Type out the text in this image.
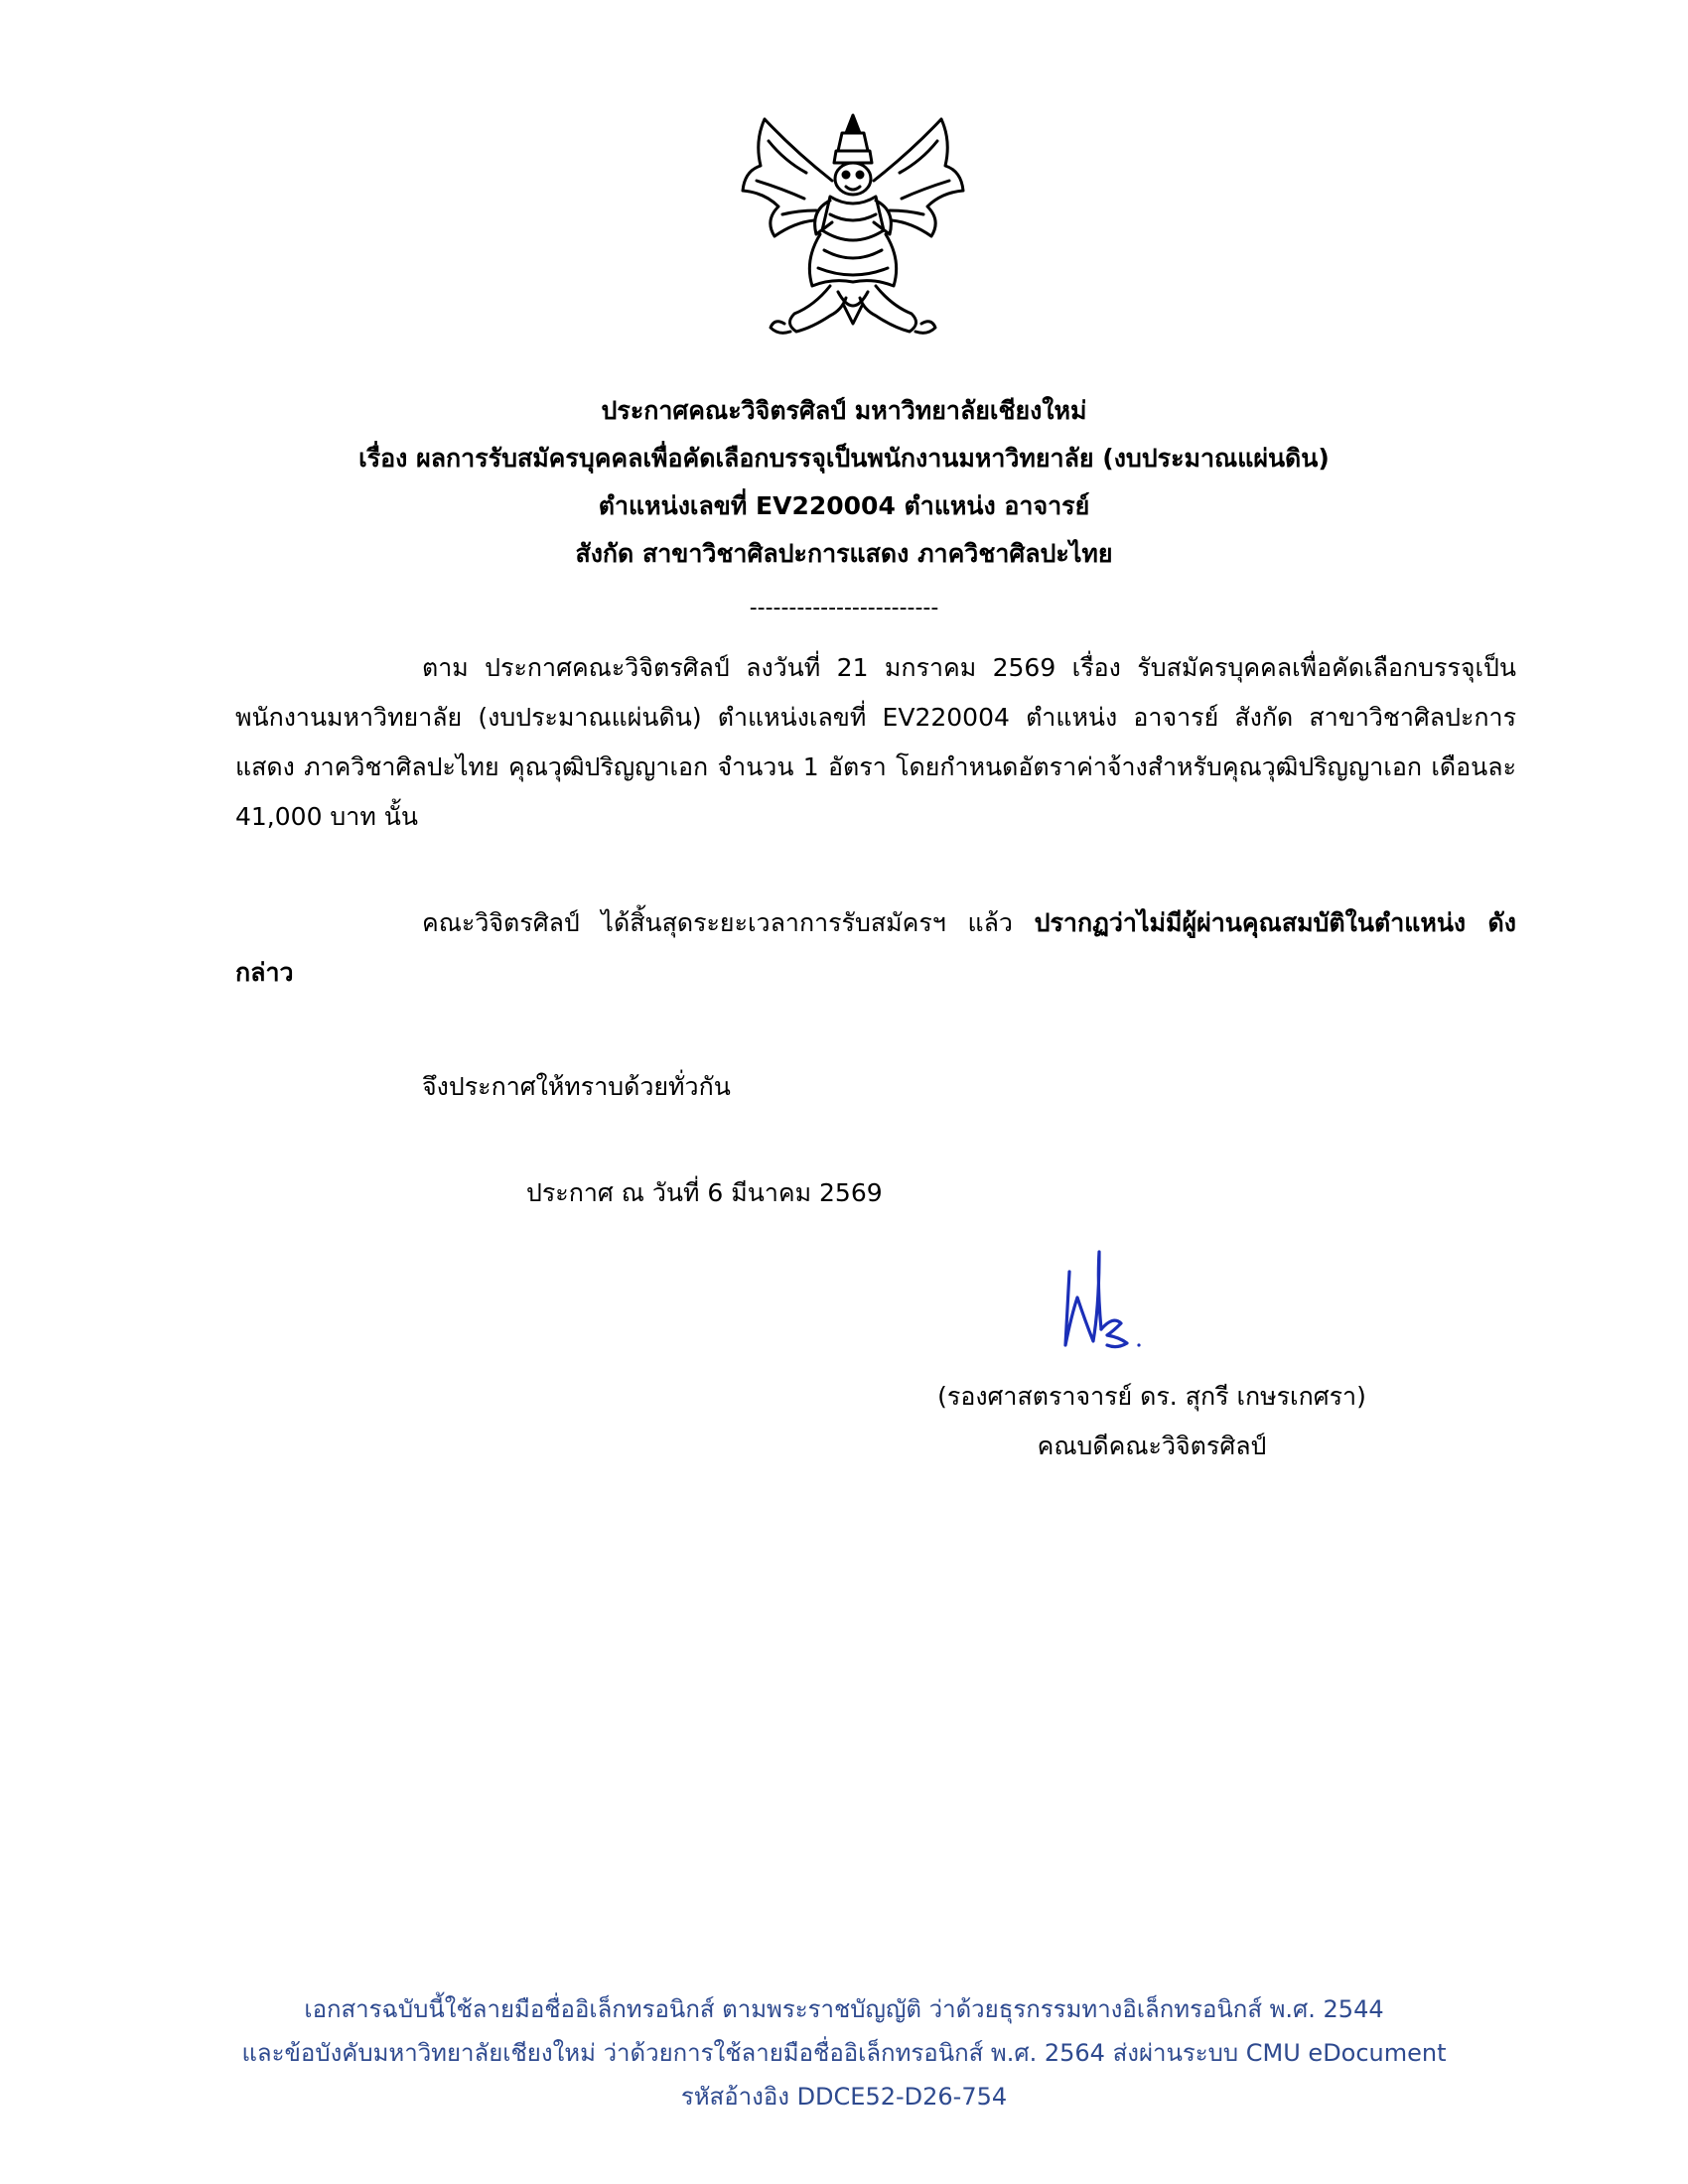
ประกาศคณะวิจิตรศิลป์ มหาวิทยาลัยเชียงใหม่
เรื่อง ผลการรับสมัครบุคคลเพื่อคัดเลือกบรรจุเป็นพนักงานมหาวิทยาลัย (งบประมาณแผ่นดิน)
ตำแหน่งเลขที่ EV220004 ตำแหน่ง อาจารย์
สังกัด สาขาวิชาศิลปะการแสดง ภาควิชาศิลปะไทย
------------------------
ตาม ประกาศคณะวิจิตรศิลป์ ลงวันที่ 21 มกราคม 2569 เรื่อง รับสมัครบุคคลเพื่อคัดเลือกบรรจุเป็นพนักงานมหาวิทยาลัย (งบประมาณแผ่นดิน) ตำแหน่งเลขที่ EV220004 ตำแหน่ง อาจารย์ สังกัด สาขาวิชาศิลปะการแสดง ภาควิชาศิลปะไทย คุณวุฒิปริญญาเอก จำนวน 1 อัตรา โดยกำหนดอัตราค่าจ้างสำหรับคุณวุฒิปริญญาเอก เดือนละ 41,000 บาท นั้น
คณะวิจิตรศิลป์ ได้สิ้นสุดระยะเวลาการรับสมัครฯ แล้ว ปรากฏว่าไม่มีผู้ผ่านคุณสมบัติในตำแหน่ง ดังกล่าว
จึงประกาศให้ทราบด้วยทั่วกัน
ประกาศ ณ วันที่ 6 มีนาคม 2569
(รองศาสตราจารย์ ดร. สุกรี เกษรเกศรา)
คณบดีคณะวิจิตรศิลป์
เอกสารฉบับนี้ใช้ลายมือชื่ออิเล็กทรอนิกส์ ตามพระราชบัญญัติ ว่าด้วยธุรกรรมทางอิเล็กทรอนิกส์ พ.ศ. 2544
และข้อบังคับมหาวิทยาลัยเชียงใหม่ ว่าด้วยการใช้ลายมือชื่ออิเล็กทรอนิกส์ พ.ศ. 2564 ส่งผ่านระบบ CMU eDocument
รหัสอ้างอิง DDCE52-D26-754
